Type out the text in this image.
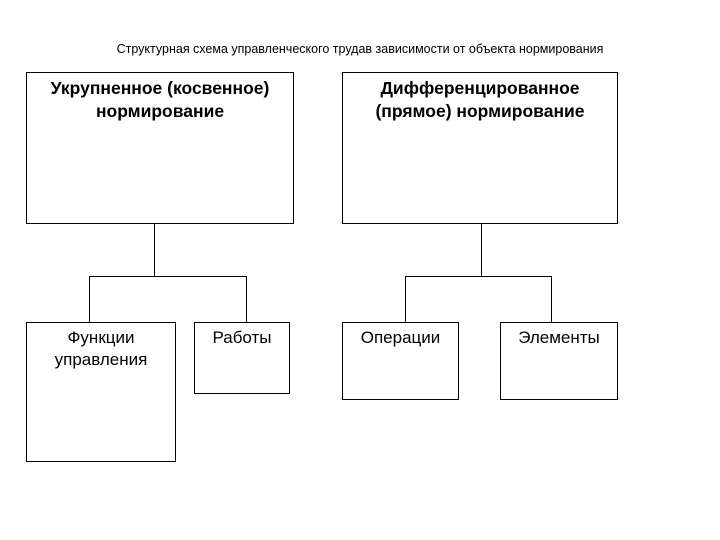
Структурная схема управленческого трудав зависимости от объекта нормирования
Укрупненное (косвенное)
нормирование
Дифференцированное
(прямое) нормирование
Функции
управления
Работы	Операции	Элементы
